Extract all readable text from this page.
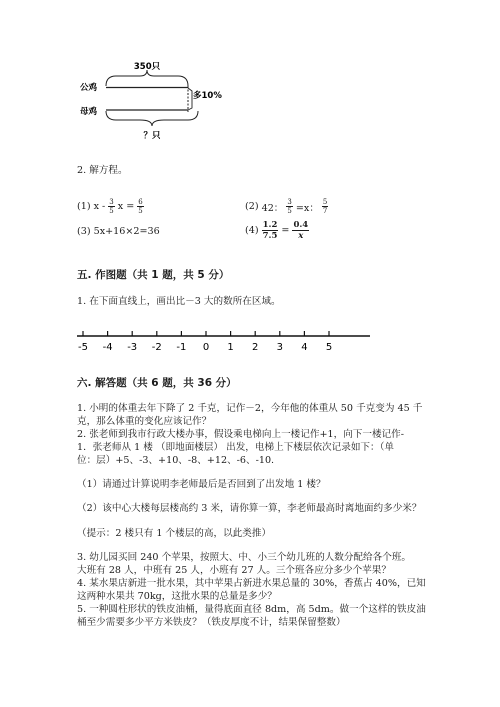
350只
公鸡
母鸡
多10%
？只
2. 解方程。
(1) x - $\frac{3}{5}$ $x = \frac{6}{5}$	(2) 42： $\frac{3}{5} =x$： $\frac{5}{7}$
(3) 5x+16×2=36	$(4) \frac{1.2}{7.5} = \frac{0.4}{x}$
五. 作图题（共 1 题，共 5 分）
1. 在下面直线上，画出比－3 大的数所在区域。
-5 -4 -3 -2 -1 0 1 2 3 4 5
六. 解答题（共 6 题，共 36 分）
1. 小明的体重去年下降了 2 千克，记作－2，今年他的体重从 50 千克变为 45 千
克，那么体重的变化应该记作？
2. 张老师到我市行政大楼办事，假设乘电梯向上一楼记作+1，向下一楼记作-
1．张老师从 1 楼 （即地面楼层） 出发，电梯上下楼层依次记录如下：（单
位：层）+5、-3、+10、-8、+12、-6、-10.
（1）请通过计算说明李老师最后是否回到了出发地 1 楼？
（2）该中心大楼每层楼高约 3 米，请你算一算，李老师最高时离地面约多少米？
（提示：2 楼只有 1 个楼层的高，以此类推）
3. 幼儿园买回 240 个苹果，按照大、中、小三个幼儿班的人数分配给各个班。
大班有 28 人，中班有 25 人，小班有 27 人。三个班各应分多少个苹果？
4. 某水果店新进一批水果，其中苹果占新进水果总量的 30%，香蕉占 40%，已知
这两种水果共 70kg，这批水果的总量是多少？
5. 一种圆柱形状的铁皮油桶，量得底面直径 8dm，高 5dm。做一个这样的铁皮油
桶至少需要多少平方米铁皮？（铁皮厚度不计，结果保留整数）
